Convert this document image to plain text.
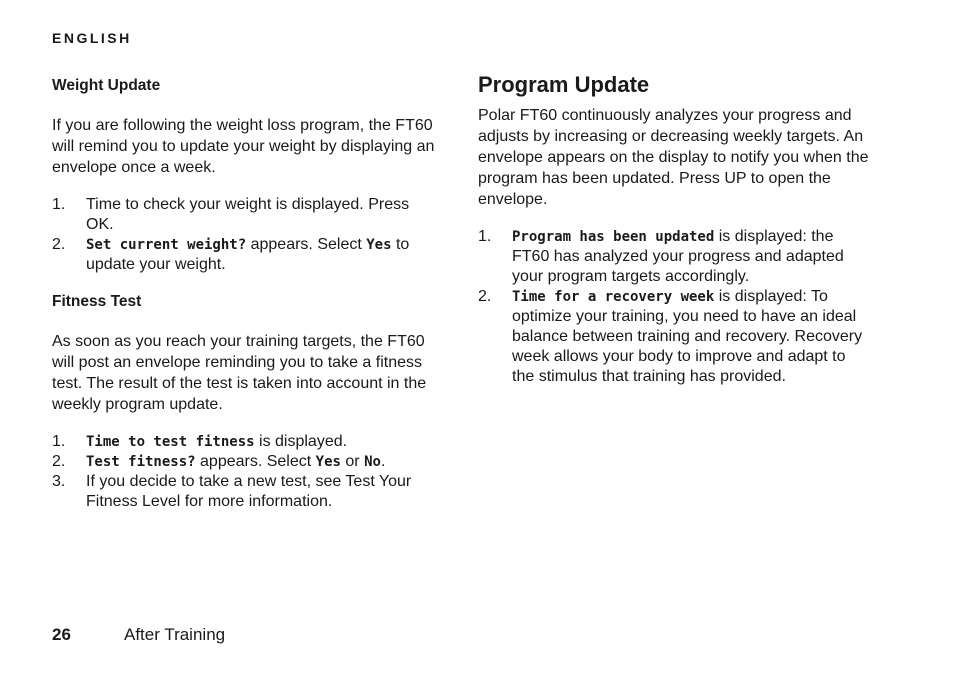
ENGLISH
Weight Update

If you are following the weight loss program, the FT60 will remind you to update your weight by displaying an envelope once a week.

1. Time to check your weight is displayed. Press OK.
2. Set current weight? appears. Select Yes to update your weight.
Fitness Test

As soon as you reach your training targets, the FT60 will post an envelope reminding you to take a fitness test. The result of the test is taken into account in the weekly program update.

1. Time to test fitness is displayed.
2. Test fitness? appears. Select Yes or No.
3. If you decide to take a new test, see Test Your Fitness Level for more information.
Program Update

Polar FT60 continuously analyzes your progress and adjusts by increasing or decreasing weekly targets. An envelope appears on the display to notify you when the program has been updated. Press UP to open the envelope.

1. Program has been updated is displayed: the FT60 has analyzed your progress and adapted your program targets accordingly.
2. Time for a recovery week is displayed: To optimize your training, you need to have an ideal balance between training and recovery. Recovery week allows your body to improve and adapt to the stimulus that training has provided.
26	After Training
